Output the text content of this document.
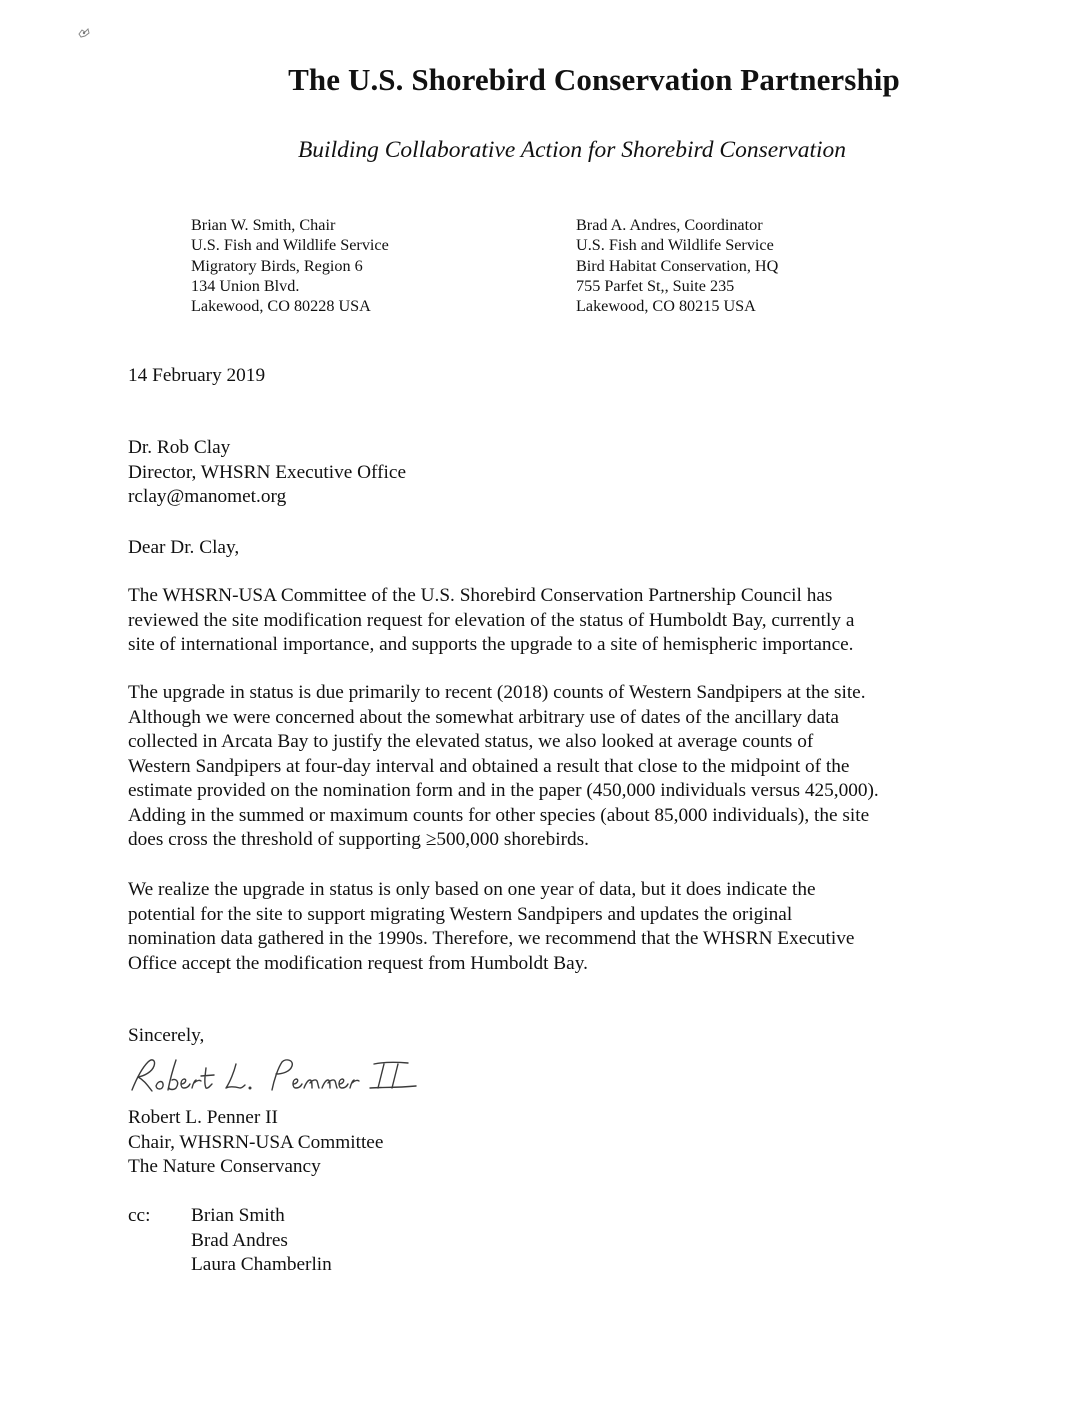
The U.S. Shorebird Conservation Partnership
Building Collaborative Action for Shorebird Conservation
Brian W. Smith, Chair
U.S. Fish and Wildlife Service
Migratory Birds, Region 6
134 Union Blvd.
Lakewood, CO 80228 USA
Brad A. Andres, Coordinator
U.S. Fish and Wildlife Service
Bird Habitat Conservation, HQ
755 Parfet St,, Suite 235
Lakewood, CO 80215 USA
14 February 2019
Dr. Rob Clay
Director, WHSRN Executive Office
rclay@manomet.org
Dear Dr. Clay,
The WHSRN-USA Committee of the U.S. Shorebird Conservation Partnership Council has
reviewed the site modification request for elevation of the status of Humboldt Bay, currently a
site of international importance, and supports the upgrade to a site of hemispheric importance.
The upgrade in status is due primarily to recent (2018) counts of Western Sandpipers at the site.
Although we were concerned about the somewhat arbitrary use of dates of the ancillary data
collected in Arcata Bay to justify the elevated status, we also looked at average counts of
Western Sandpipers at four-day interval and obtained a result that close to the midpoint of the
estimate provided on the nomination form and in the paper (450,000 individuals versus 425,000).
Adding in the summed or maximum counts for other species (about 85,000 individuals), the site
does cross the threshold of supporting ≥500,000 shorebirds.
We realize the upgrade in status is only based on one year of data, but it does indicate the
potential for the site to support migrating Western Sandpipers and updates the original
nomination data gathered in the 1990s. Therefore, we recommend that the WHSRN Executive
Office accept the modification request from Humboldt Bay.
Sincerely,
Robert L. Penner II
Chair, WHSRN-USA Committee
The Nature Conservancy
cc: Brian Smith
Brad Andres
Laura Chamberlin
